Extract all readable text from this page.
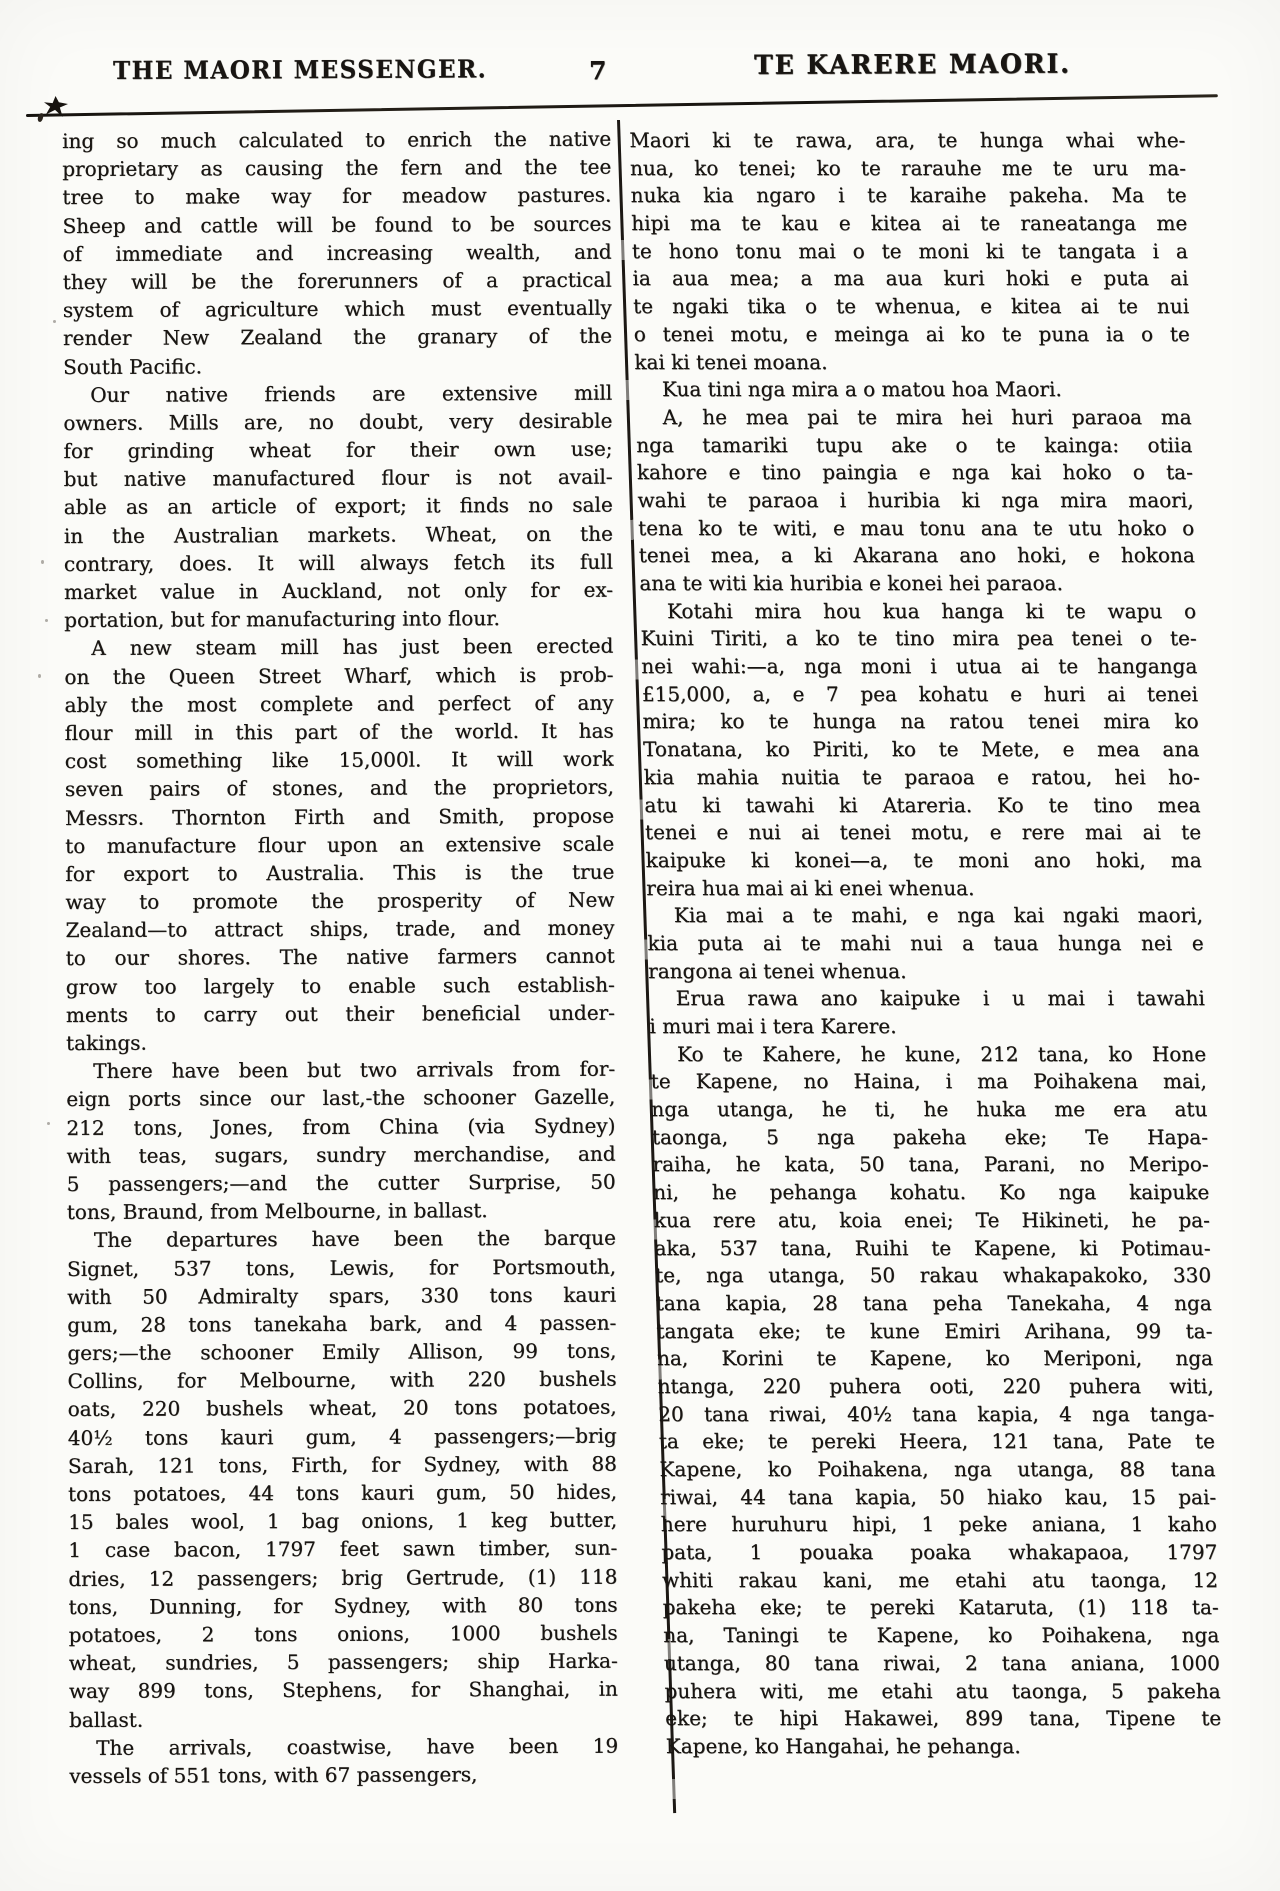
THE MAORI MESSENGER.	7	TE KARERE MAORI.
ing so much calculated to enrich the native
proprietary as causing the fern and the tee
tree to make way for meadow pastures.
Sheep and cattle will be found to be sources
of immediate and increasing wealth, and
they will be the forerunners of a practical
system of agriculture which must eventually
render New Zealand the granary of the
South Pacific.
Our native friends are extensive mill
owners. Mills are, no doubt, very desirable
for grinding wheat for their own use;
but native manufactured flour is not avail-
able as an article of export; it finds no sale
in the Australian markets. Wheat, on the
contrary, does. It will always fetch its full
market value in Auckland, not only for ex-
portation, but for manufacturing into flour.
A new steam mill has just been erected
on the Queen Street Wharf, which is prob-
ably the most complete and perfect of any
flour mill in this part of the world. It has
cost something like 15,000l. It will work
seven pairs of stones, and the proprietors,
Messrs. Thornton Firth and Smith, propose
to manufacture flour upon an extensive scale
for export to Australia. This is the true
way to promote the prosperity of New
Zealand—to attract ships, trade, and money
to our shores. The native farmers cannot
grow too largely to enable such establish-
ments to carry out their beneficial under-
takings.
There have been but two arrivals from for-
eign ports since our last,-the schooner Gazelle,
212 tons, Jones, from China (via Sydney)
with teas, sugars, sundry merchandise, and
5 passengers;—and the cutter Surprise, 50
tons, Braund, from Melbourne, in ballast.
The departures have been the barque
Signet, 537 tons, Lewis, for Portsmouth,
with 50 Admiralty spars, 330 tons kauri
gum, 28 tons tanekaha bark, and 4 passen-
gers;—the schooner Emily Allison, 99 tons,
Collins, for Melbourne, with 220 bushels
oats, 220 bushels wheat, 20 tons potatoes,
40½ tons kauri gum, 4 passengers;—brig
Sarah, 121 tons, Firth, for Sydney, with 88
tons potatoes, 44 tons kauri gum, 50 hides,
15 bales wool, 1 bag onions, 1 keg butter,
1 case bacon, 1797 feet sawn timber, sun-
dries, 12 passengers; brig Gertrude, (1) 118
tons, Dunning, for Sydney, with 80 tons
potatoes, 2 tons onions, 1000 bushels
wheat, sundries, 5 passengers; ship Harka-
way 899 tons, Stephens, for Shanghai, in
ballast.
The arrivals, coastwise, have been 19
vessels of 551 tons, with 67 passengers,
Maori ki te rawa, ara, te hunga whai whe-
nua, ko tenei; ko te rarauhe me te uru ma-
nuka kia ngaro i te karaihe pakeha. Ma te
hipi ma te kau e kitea ai te raneatanga me
te hono tonu mai o te moni ki te tangata i a
ia aua mea; a ma aua kuri hoki e puta ai
te ngaki tika o te whenua, e kitea ai te nui
o tenei motu, e meinga ai ko te puna ia o te
kai ki tenei moana.
Kua tini nga mira a o matou hoa Maori.
A, he mea pai te mira hei huri paraoa ma
nga tamariki tupu ake o te kainga: otiia
kahore e tino paingia e nga kai hoko o ta-
wahi te paraoa i huribia ki nga mira maori,
tena ko te witi, e mau tonu ana te utu hoko o
tenei mea, a ki Akarana ano hoki, e hokona
ana te witi kia huribia e konei hei paraoa.
Kotahi mira hou kua hanga ki te wapu o
Kuini Tiriti, a ko te tino mira pea tenei o te-
nei wahi:—a, nga moni i utua ai te hanganga
£15,000, a, e 7 pea kohatu e huri ai tenei
mira; ko te hunga na ratou tenei mira ko
Tonatana, ko Piriti, ko te Mete, e mea ana
kia mahia nuitia te paraoa e ratou, hei ho-
atu ki tawahi ki Atareria. Ko te tino mea
tenei e nui ai tenei motu, e rere mai ai te
kaipuke ki konei—a, te moni ano hoki, ma
reira hua mai ai ki enei whenua.
Kia mai a te mahi, e nga kai ngaki maori,
kia puta ai te mahi nui a taua hunga nei e
rangona ai tenei whenua.
Erua rawa ano kaipuke i u mai i tawahi
i muri mai i tera Karere.
Ko te Kahere, he kune, 212 tana, ko Hone
te Kapene, no Haina, i ma Poihakena mai,
nga utanga, he ti, he huka me era atu
taonga, 5 nga pakeha eke; Te Hapa-
raiha, he kata, 50 tana, Parani, no Meripo-
ni, he pehanga kohatu. Ko nga kaipuke
kua rere atu, koia enei; Te Hikineti, he pa-
aka, 537 tana, Ruihi te Kapene, ki Potimau-
te, nga utanga, 50 rakau whakapakoko, 330
tana kapia, 28 tana peha Tanekaha, 4 nga
tangata eke; te kune Emiri Arihana, 99 ta-
na, Korini te Kapene, ko Meriponi, nga
ntanga, 220 puhera ooti, 220 puhera witi,
20 tana riwai, 40½ tana kapia, 4 nga tanga-
ta eke; te pereki Heera, 121 tana, Pate te
Kapene, ko Poihakena, nga utanga, 88 tana
riwai, 44 tana kapia, 50 hiako kau, 15 pai-
here huruhuru hipi, 1 peke aniana, 1 kaho
pata, 1 pouaka poaka whakapaoa, 1797
whiti rakau kani, me etahi atu taonga, 12
pakeha eke; te pereki Kataruta, (1) 118 ta-
na, Taningi te Kapene, ko Poihakena, nga
utanga, 80 tana riwai, 2 tana aniana, 1000
puhera witi, me etahi atu taonga, 5 pakeha
eke; te hipi Hakawei, 899 tana, Tipene te
Kapene, ko Hangahai, he pehanga.
